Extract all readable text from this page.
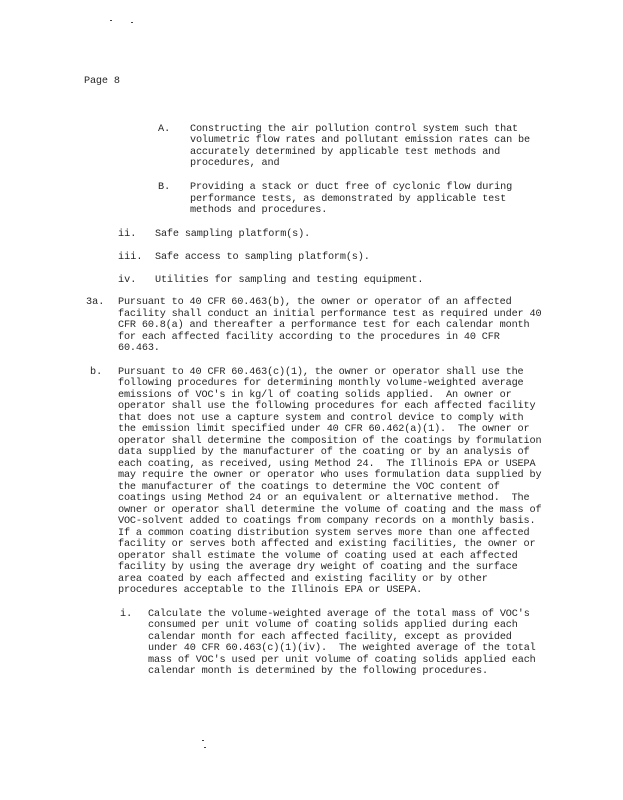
Page 8
A. Constructing the air pollution control system such that
volumetric flow rates and pollutant emission rates can be
accurately determined by applicable test methods and
procedures, and
B. Providing a stack or duct free of cyclonic flow during
performance tests, as demonstrated by applicable test
methods and procedures.
ii. Safe sampling platform(s).
iii. Safe access to sampling platform(s).
iv. Utilities for sampling and testing equipment.
3a. Pursuant to 40 CFR 60.463(b), the owner or operator of an affected
facility shall conduct an initial performance test as required under 40
CFR 60.8(a) and thereafter a performance test for each calendar month
for each affected facility according to the procedures in 40 CFR
60.463.
b. Pursuant to 40 CFR 60.463(c)(1), the owner or operator shall use the
following procedures for determining monthly volume-weighted average
emissions of VOC's in kg/l of coating solids applied.  An owner or
operator shall use the following procedures for each affected facility
that does not use a capture system and control device to comply with
the emission limit specified under 40 CFR 60.462(a)(1).  The owner or
operator shall determine the composition of the coatings by formulation
data supplied by the manufacturer of the coating or by an analysis of
each coating, as received, using Method 24.  The Illinois EPA or USEPA
may require the owner or operator who uses formulation data supplied by
the manufacturer of the coatings to determine the VOC content of
coatings using Method 24 or an equivalent or alternative method.  The
owner or operator shall determine the volume of coating and the mass of
VOC-solvent added to coatings from company records on a monthly basis.
If a common coating distribution system serves more than one affected
facility or serves both affected and existing facilities, the owner or
operator shall estimate the volume of coating used at each affected
facility by using the average dry weight of coating and the surface
area coated by each affected and existing facility or by other
procedures acceptable to the Illinois EPA or USEPA.
i. Calculate the volume-weighted average of the total mass of VOC's
consumed per unit volume of coating solids applied during each
calendar month for each affected facility, except as provided
under 40 CFR 60.463(c)(1)(iv).  The weighted average of the total
mass of VOC's used per unit volume of coating solids applied each
calendar month is determined by the following procedures.
